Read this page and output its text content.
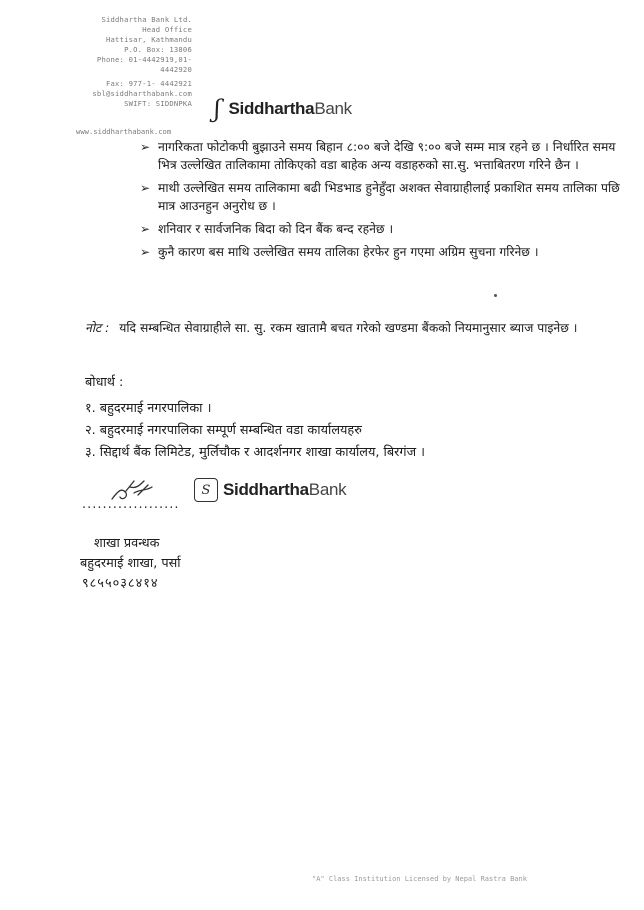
Siddhartha Bank Ltd.
Head Office
Hattisar, Kathmandu
P.O. Box: 13806
Phone: 01-4442919,01-
4442920
Fax: 977-1- 4442921
sbl@siddharthabank.com
SWIFT: SIDDNPKA
www.siddharthabank.com
ʃ SiddharthaBank
➢ नागरिकता फोटोकपी बुझाउने समय बिहान ८:०० बजे देखि ९:०० बजे सम्म मात्र रहने छ । निर्धारित समय भित्र उल्लेखित तालिकामा तोकिएको वडा बाहेक अन्य वडाहरुको सा.सु. भत्ताबितरण गरिने छैन ।
➢ माथी उल्लेखित समय तालिकामा बढी भिडभाड हुनेहुँदा अशक्त सेवाग्राहीलाई प्रकाशित समय तालिका पछि मात्र आउनहुन अनुरोध छ ।
➢ शनिवार र सार्वजनिक बिदा को दिन बैंक बन्द रहनेछ ।
➢ कुनै कारण बस माथि उल्लेखित समय तालिका हेरफेर हुन गएमा अग्रिम सुचना गरिनेछ ।
नोट : यदि सम्बन्धित सेवाग्राहीले सा. सु. रकम खातामै बचत गरेको खण्डमा बैंकको नियमानुसार ब्याज पाइनेछ ।
बोधार्थ :
१. बहुदरमाई नगरपालिका ।
२. बहुदरमाई नगरपालिका सम्पूर्ण सम्बन्धित वडा कार्यालयहरु
३. सिद्दार्थ बैंक लिमिटेड, मुर्लिचौक र आदर्शनगर शाखा कार्यालय, बिरगंज ।
...................
S SiddharthaBank
शाखा प्रवन्धक
बहुदरमाई शाखा, पर्सा
९८५५०३८४१४
"A" Class Institution Licensed by Nepal Rastra Bank
